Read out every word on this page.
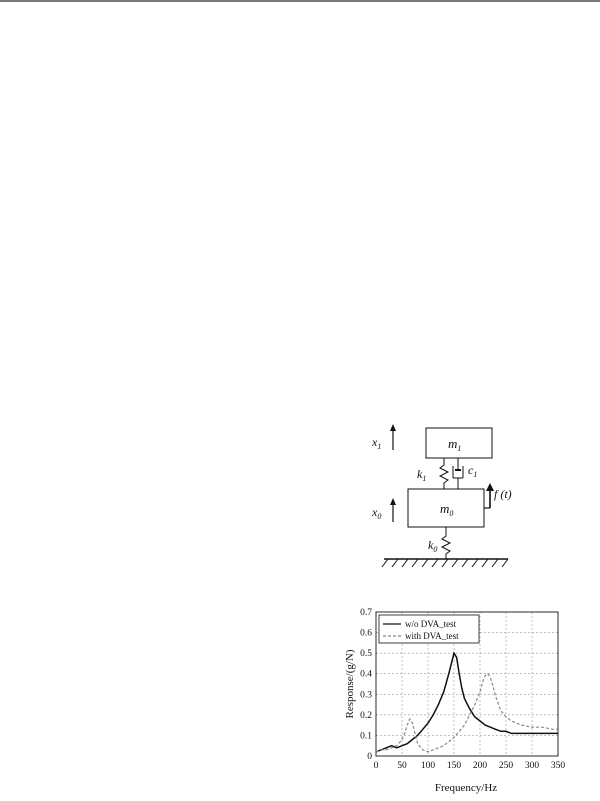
$x_1$	$m_1$
$k_1$
$c_1$
$x_0$
$m_0$
f (t)
$k_0$
0 50 100 150 200 250 300 350
0
0.1
0.2
0.3
0.4
0.5
0.6
0.7
w/o DVA_test
with DVA_test
Frequency/Hz
Response/(g/N)
